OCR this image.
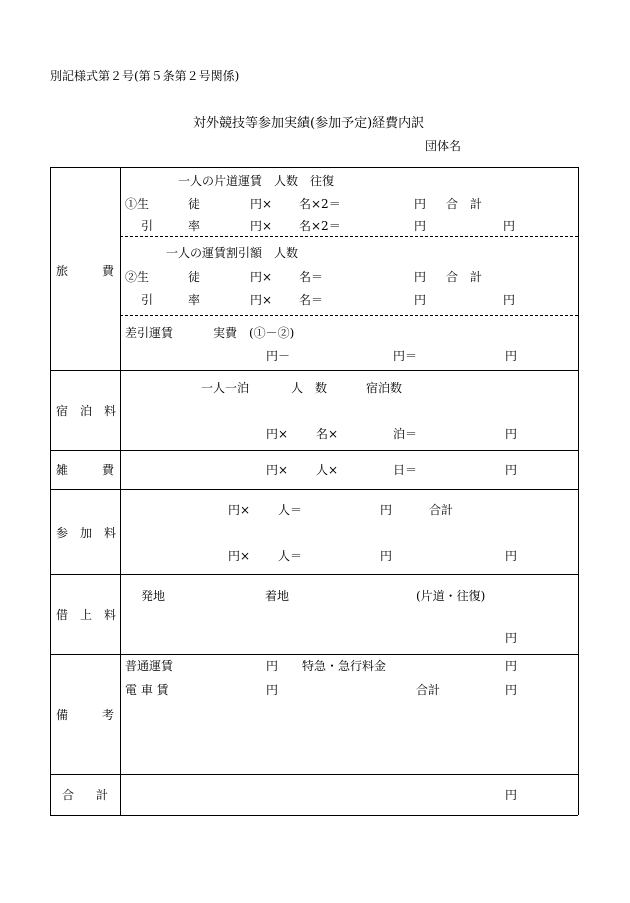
別記様式第２号(第５条第２号関係)
対外競技等参加実績(参加予定)経費内訳
団体名
旅	費
一人の片道運賃　人数　往復
①生	徒	円× 名×2＝	円 合 計
引	率	円× 名×2＝	円	円
一人の運賃割引額　人数
②生	徒	円× 名＝	円 合 計
引	率	円× 名＝	円	円
差引運賃	実費　(①－②)
円－	円＝	円
宿　泊　料
一人一泊	人　数	宿泊数
円× 名×	泊＝	円
雑	費	円× 人×	日＝	円
参　加　料
円× 人＝	円	合計
円× 人＝	円	円
借　上　料
発地	着地	(片道・往復)
円
備	考
普通運賃	円 特急・急行料金	円
電 車 賃	円	合計	円
合 計	円
